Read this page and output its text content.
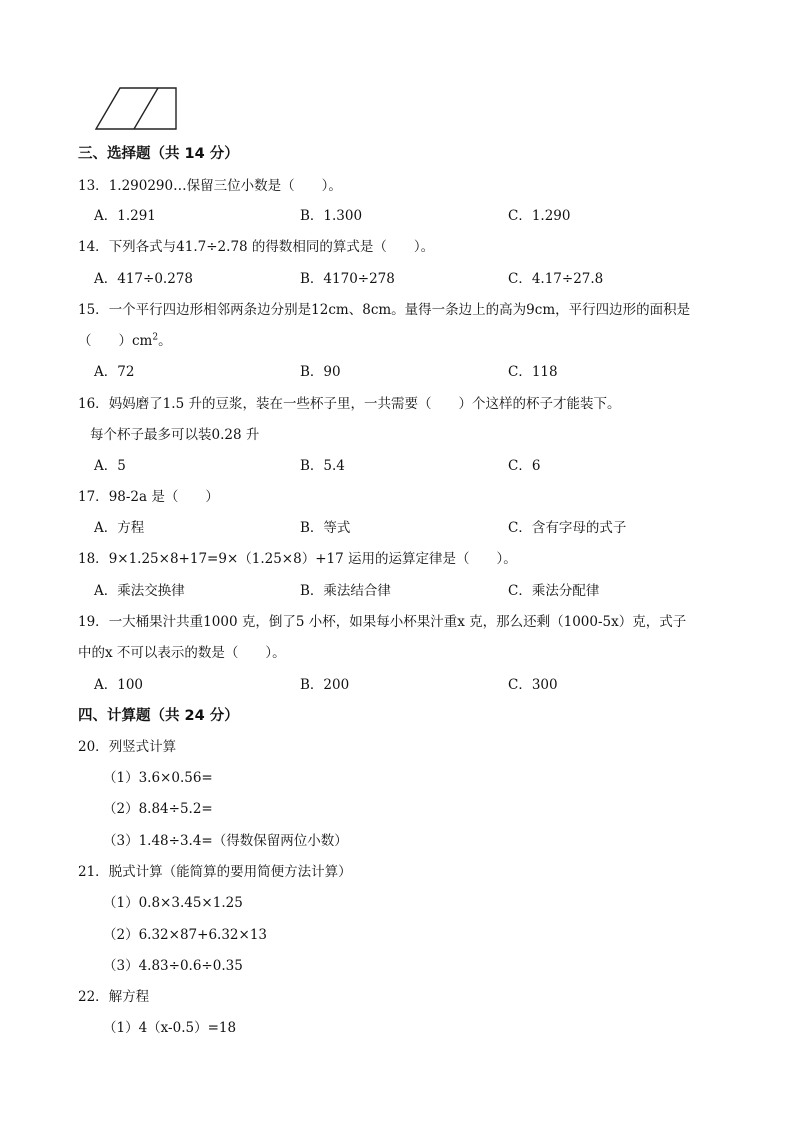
三、选择题（共 14 分）
13．1.290290…保留三位小数是（　　）。
A．1.291	B．1.300	C．1.290
14．下列各式与41.7÷2.78 的得数相同的算式是（　　）。
A．417÷0.278	B．4170÷278	C．4.17÷27.8
15．一个平行四边形相邻两条边分别是12cm、8cm。量得一条边上的高为9cm，平行四边形的面积是
（　　）$cm^2$。
A．72	B．90	C．118
16．妈妈磨了1.5 升的豆浆，装在一些杯子里，一共需要（　　）个这样的杯子才能装下。
每个杯子最多可以装0.28 升
A．5	B．5.4	C．6
17．98-2a 是（　　）
A．方程	B．等式	C．含有字母的式子
18．9×1.25×8+17=9×（1.25×8）+17 运用的运算定律是（　　）。
A．乘法交换律	B．乘法结合律	C．乘法分配律
19．一大桶果汁共重1000 克，倒了5 小杯，如果每小杯果汁重x 克，那么还剩（1000-5x）克，式子
中的x 不可以表示的数是（　　）。
A．100	B．200	C．300
四、计算题（共 24 分）
20．列竖式计算
（1）3.6×0.56=
（2）8.84÷5.2=
（3）1.48÷3.4=（得数保留两位小数）
21．脱式计算（能简算的要用简便方法计算）
（1）0.8×3.45×1.25
（2）6.32×87+6.32×13
（3）4.83÷0.6÷0.35
22．解方程
（1）4（x-0.5）=18
